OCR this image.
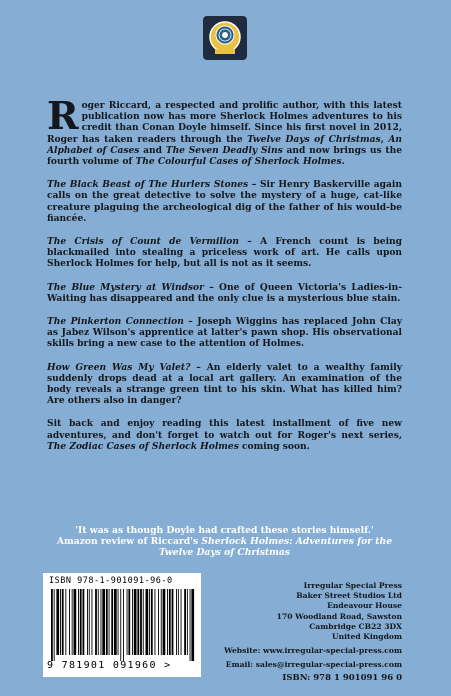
Roger Riccard, a respected and prolific author, with this latest publication now has more Sherlock Holmes adventures to his credit than Conan Doyle himself. Since his first novel in 2012, Roger has taken readers through the Twelve Days of Christmas, An Alphabet of Cases and The Seven Deadly Sins and now brings us the fourth volume of The Colourful Cases of Sherlock Holmes.

The Black Beast of The Hurlers Stones – Sir Henry Baskerville again calls on the great detective to solve the mystery of a huge, cat-like creature plaguing the archeological dig of the father of his would-be fiancée.

The Crisis of Count de Vermilion – A French count is being blackmailed into stealing a priceless work of art. He calls upon Sherlock Holmes for help, but all is not as it seems.

The Blue Mystery at Windsor – One of Queen Victoria's Ladies-in-Waiting has disappeared and the only clue is a mysterious blue stain.

The Pinkerton Connection – Joseph Wiggins has replaced John Clay as Jabez Wilson's apprentice at latter's pawn shop. His observational skills bring a new case to the attention of Holmes.

How Green Was My Valet? – An elderly valet to a wealthy family suddenly drops dead at a local art gallery. An examination of the body reveals a strange green tint to his skin. What has killed him? Are others also in danger?

Sit back and enjoy reading this latest installment of five new adventures, and don't forget to watch out for Roger's next series, The Zodiac Cases of Sherlock Holmes coming soon.

'It was as though Doyle had crafted these stories himself.'

Amazon review of Riccard's Sherlock Holmes: Adventures for the Twelve Days of Christmas

ISBN 978-1-901091-96-0
9 781901 091960 >
Irregular Special Press
Baker Street Studios Ltd
Endeavour House
170 Woodland Road, Sawston
Cambridge CB22 3DX
United Kingdom
Website: www.irregular-special-press.com
Email: sales@irregular-special-press.com
ISBN: 978 1 901091 96 0
